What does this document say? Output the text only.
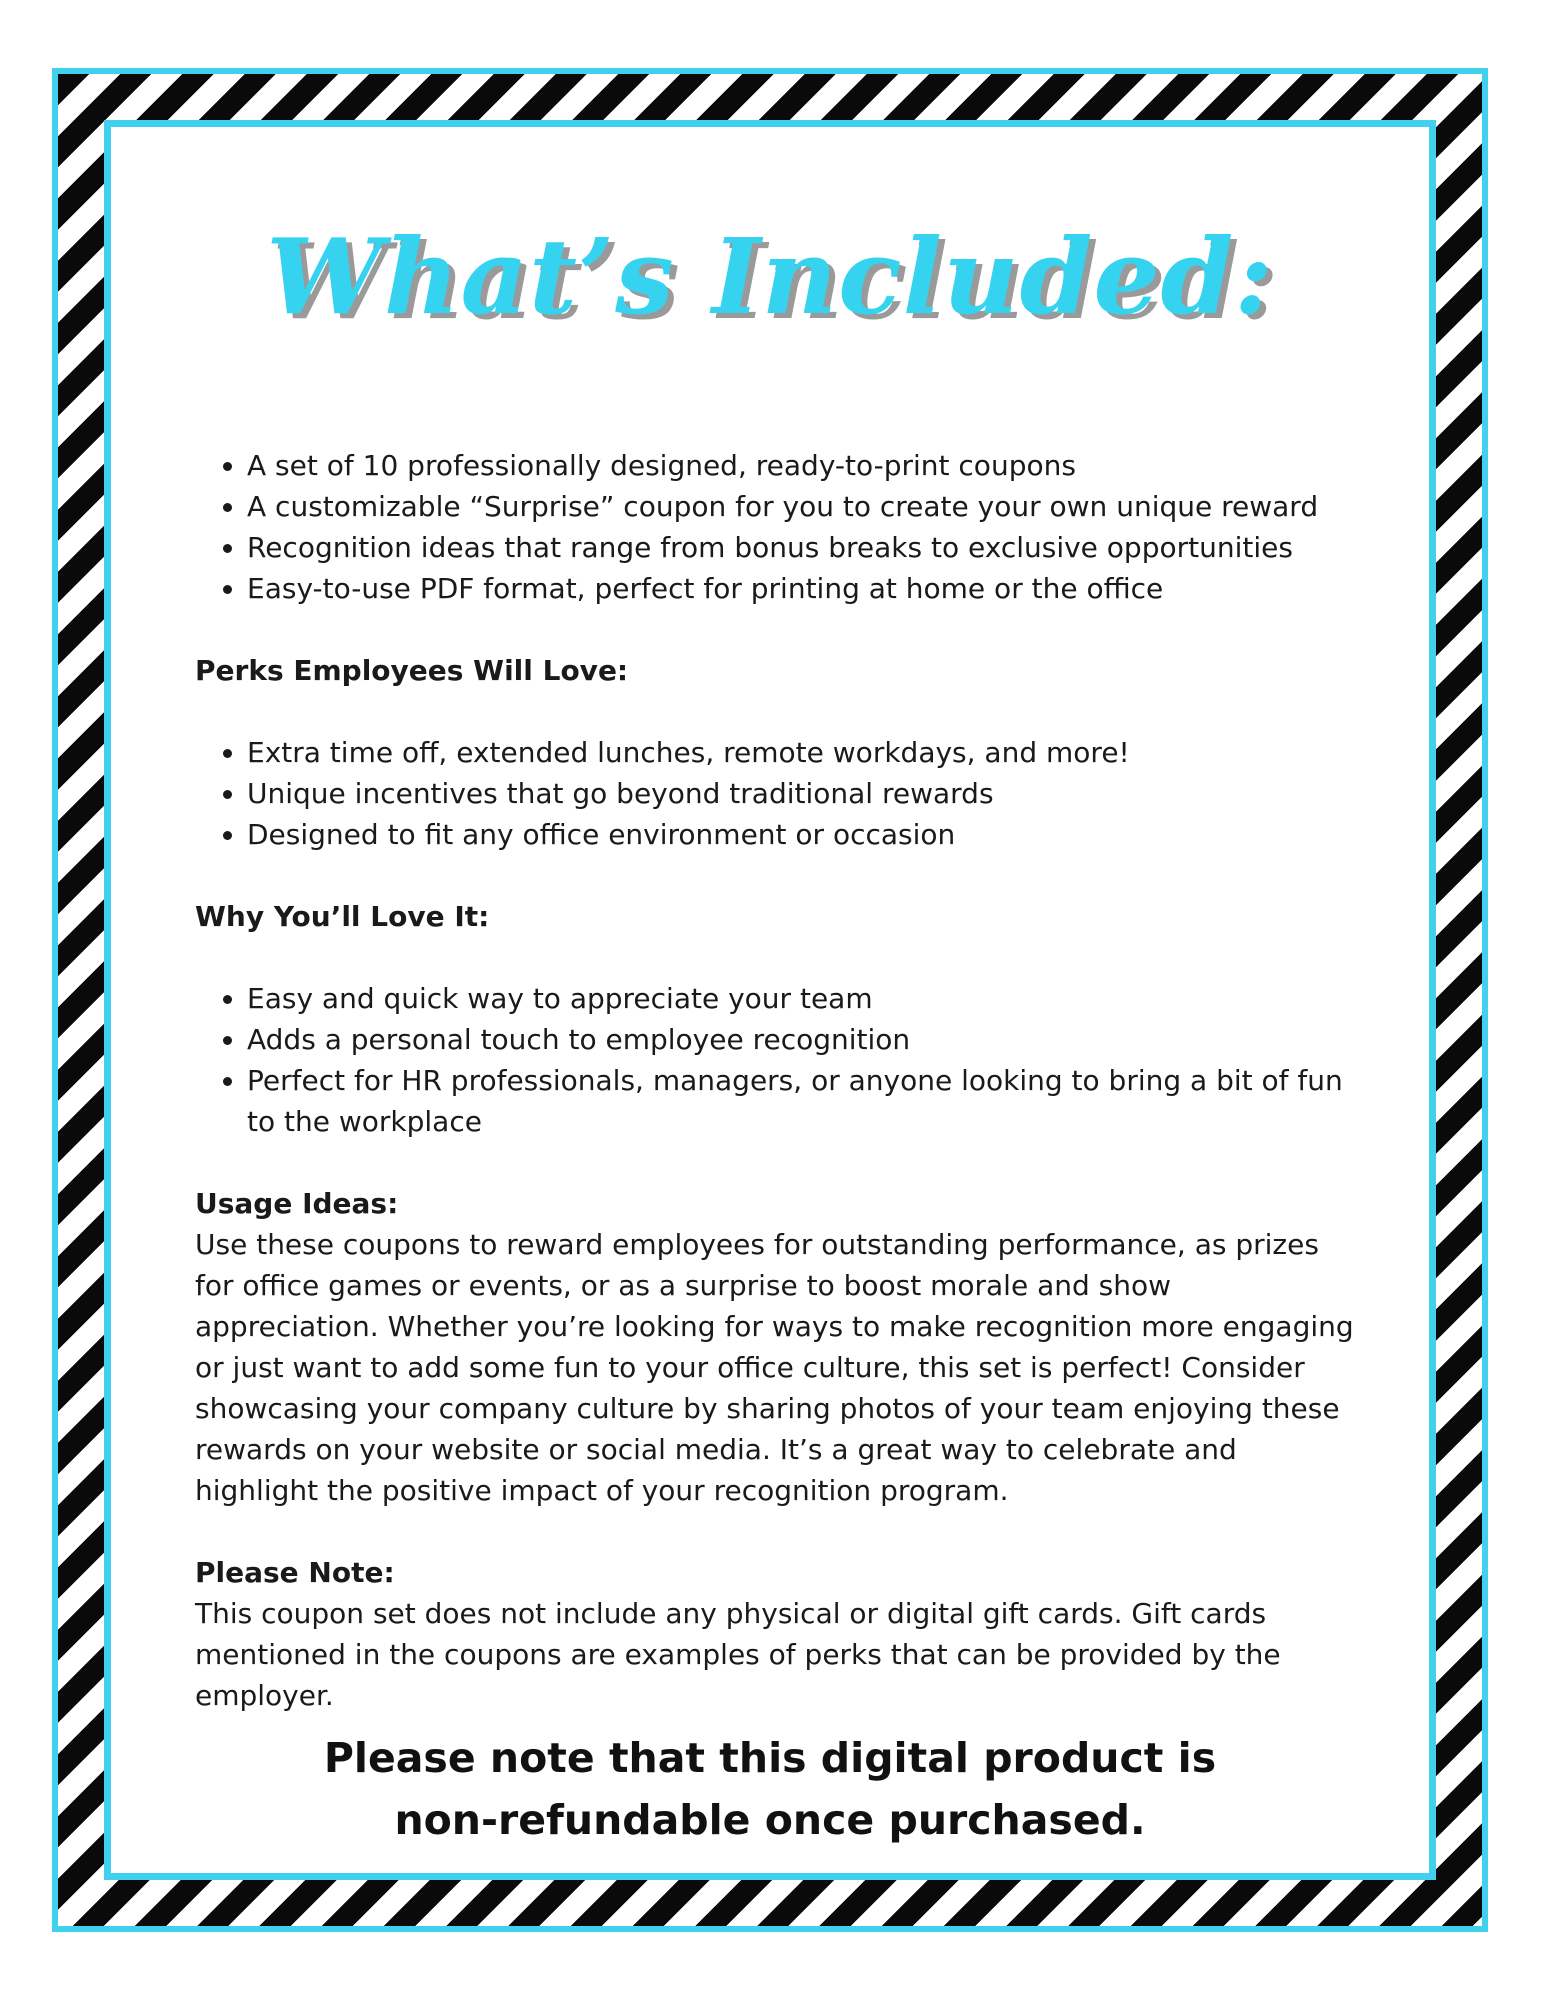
What’s Included:
• A set of 10 professionally designed, ready-to-print coupons
• A customizable “Surprise” coupon for you to create your own unique reward
• Recognition ideas that range from bonus breaks to exclusive opportunities
• Easy-to-use PDF format, perfect for printing at home or the office

Perks Employees Will Love:

• Extra time off, extended lunches, remote workdays, and more!
• Unique incentives that go beyond traditional rewards
• Designed to fit any office environment or occasion

Why You’ll Love It:

• Easy and quick way to appreciate your team
• Adds a personal touch to employee recognition
• Perfect for HR professionals, managers, or anyone looking to bring a bit of fun to the workplace

Usage Ideas:

Use these coupons to reward employees for outstanding performance, as prizes for office games or events, or as a surprise to boost morale and show appreciation. Whether you’re looking for ways to make recognition more engaging or just want to add some fun to your office culture, this set is perfect! Consider showcasing your company culture by sharing photos of your team enjoying these rewards on your website or social media. It’s a great way to celebrate and highlight the positive impact of your recognition program.

Please Note:

This coupon set does not include any physical or digital gift cards. Gift cards mentioned in the coupons are examples of perks that can be provided by the employer.

Please note that this digital product is
non-refundable once purchased.
